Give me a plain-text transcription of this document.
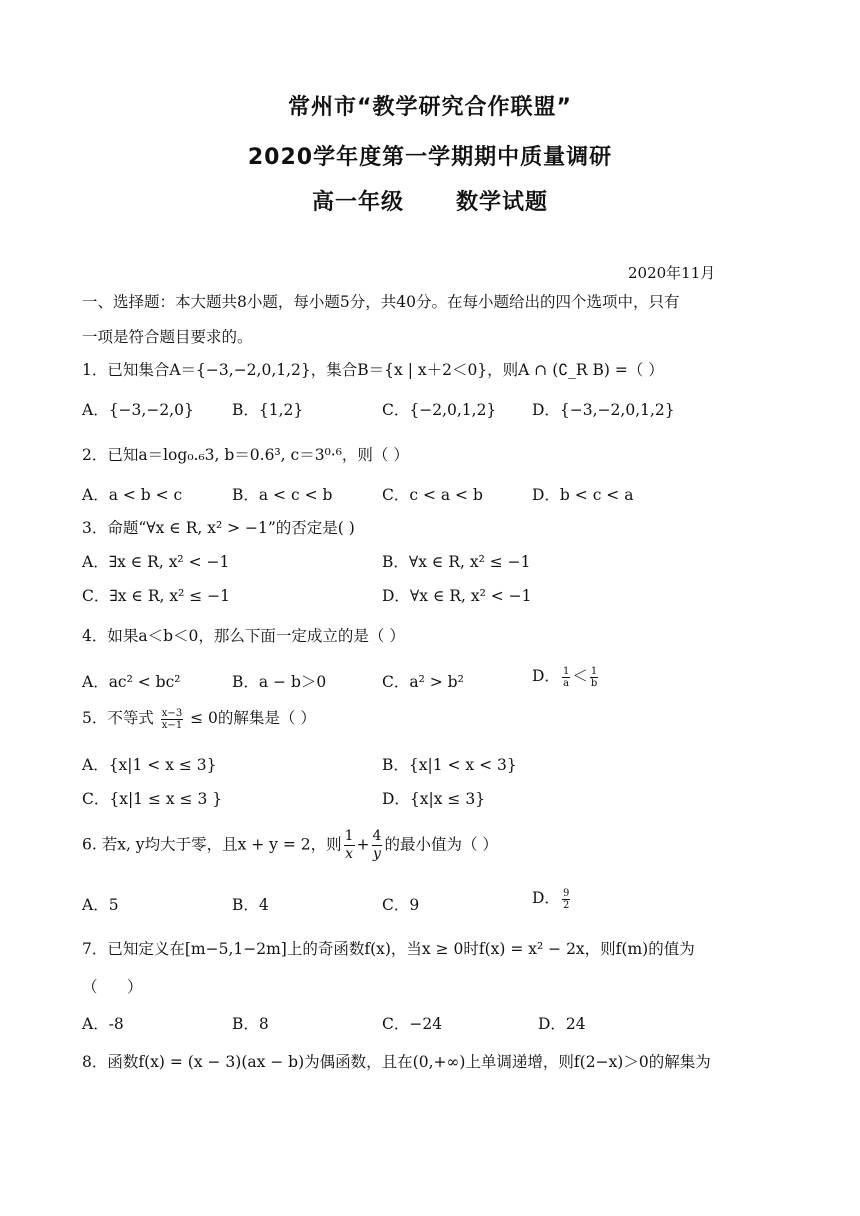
常州市“教学研究合作联盟”
2020学年度第一学期期中质量调研
高一年级      数学试题
2020年11月
一、选择题：本大题共8小题，每小题5分，共40分。在每小题给出的四个选项中，只有
一项是符合题目要求的。
1．已知集合A＝{−3,−2,0,1,2}，集合B＝{x | x＋2＜0}，则A ∩ (∁_R B) =（ ）
A．{−3,−2,0} B．{1,2}	C．{−2,0,1,2} D．{−3,−2,0,1,2}
2．已知a＝log₀.₆3, b＝0.6³, c＝3⁰·⁶，则（ ）
A．a < b < c	B．a < c < b	C．c < a < b	D．b < c < a
3．命题“∀x ∈ R, x² > −1”的否定是( )
A．∃x ∈ R, x² < −1	B．∀x ∈ R, x² ≤ −1
C．∃x ∈ R, x² ≤ −1	D．∀x ∈ R, x² < −1
4．如果a＜b＜0，那么下面一定成立的是（ ）
A．ac² < bc²	B．a − b＞0	C．a² > b²	D． $\frac{1}{a} < \frac{1}{b}$
5．不等式 $\frac{x-3}{x-1} \le 0$的解集是（ ）
A．{x|1 < x ≤ 3}	B．{x|1 < x < 3}
C．{x|1 ≤ x ≤ 3 }	D．{x|x ≤ 3}
6. 若x, y均大于零，且x + y = 2，则 $\frac{1}{x} + \frac{4}{y}$ 的最小值为（ ）
A．5	B．4	C．9	D． $\frac{9}{2}$
7．已知定义在[m−5,1−2m]上的奇函数f(x)，当x ≥ 0时f(x) = x² − 2x，则f(m)的值为
（      ）
A．-8	B．8	C．−24	D．24
8．函数f(x) = (x − 3)(ax − b)为偶函数，且在(0,+∞)上单调递增，则f(2−x)＞0的解集为
